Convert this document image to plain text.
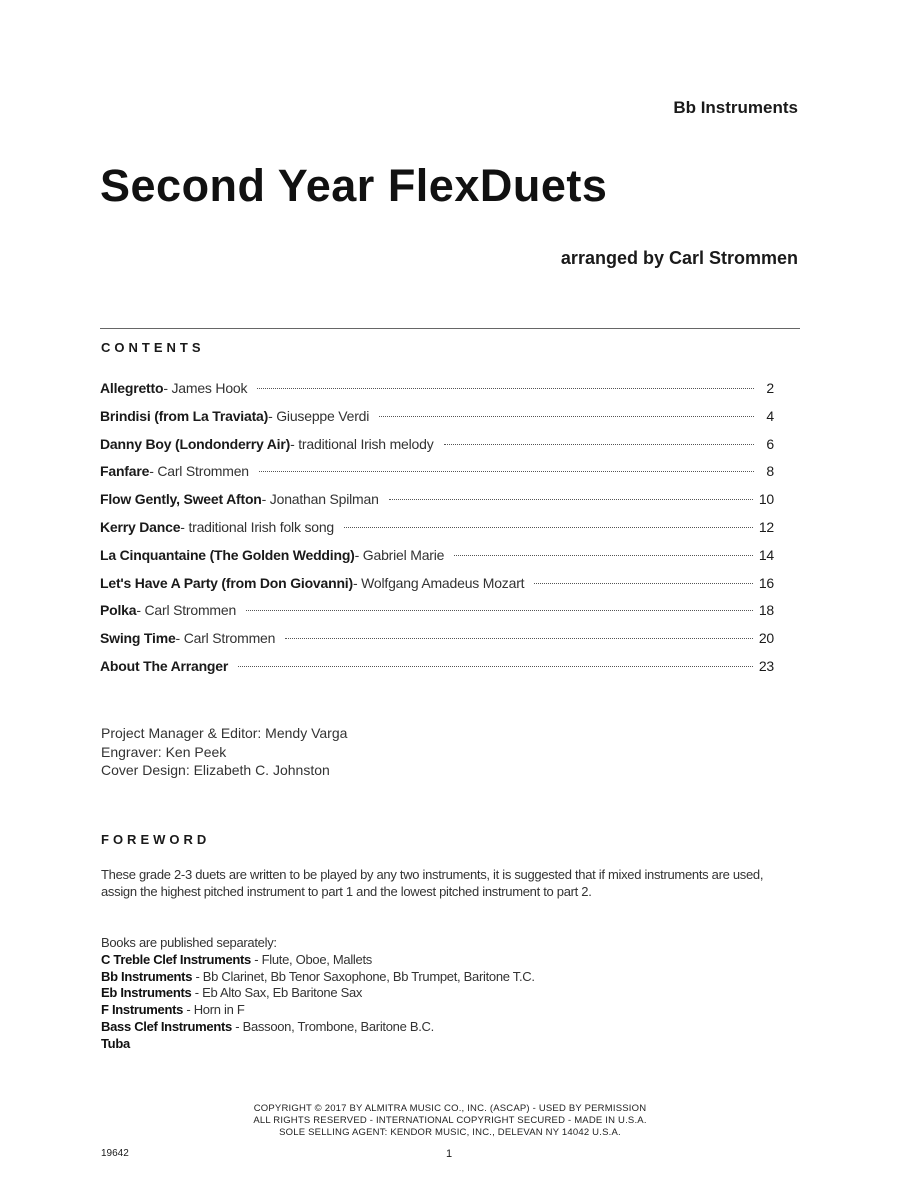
Bb Instruments
Second Year FlexDuets
arranged by Carl Strommen
CONTENTS
Allegretto - James Hook	2
Brindisi (from La Traviata) - Giuseppe Verdi	4
Danny Boy (Londonderry Air) - traditional Irish melody	6
Fanfare - Carl Strommen	8
Flow Gently, Sweet Afton - Jonathan Spilman	10
Kerry Dance - traditional Irish folk song	12
La Cinquantaine (The Golden Wedding) - Gabriel Marie	14
Let's Have A Party (from Don Giovanni) - Wolfgang Amadeus Mozart	16
Polka - Carl Strommen	18
Swing Time - Carl Strommen	20
About The Arranger	23
Project Manager & Editor: Mendy Varga
Engraver: Ken Peek
Cover Design: Elizabeth C. Johnston
FOREWORD

These grade 2-3 duets are written to be played by any two instruments, it is suggested that if mixed instruments are used, assign the highest pitched instrument to part 1 and the lowest pitched instrument to part 2.

Books are published separately:
C Treble Clef Instruments - Flute, Oboe, Mallets
Bb Instruments - Bb Clarinet, Bb Tenor Saxophone, Bb Trumpet, Baritone T.C.
Eb Instruments - Eb Alto Sax, Eb Baritone Sax
F Instruments - Horn in F
Bass Clef Instruments - Bassoon, Trombone, Baritone B.C.
Tuba
COPYRIGHT © 2017 BY ALMITRA MUSIC CO., INC. (ASCAP) - USED BY PERMISSION
ALL RIGHTS RESERVED - INTERNATIONAL COPYRIGHT SECURED - MADE IN U.S.A.
SOLE SELLING AGENT: KENDOR MUSIC, INC., DELEVAN NY 14042 U.S.A.
19642	1
